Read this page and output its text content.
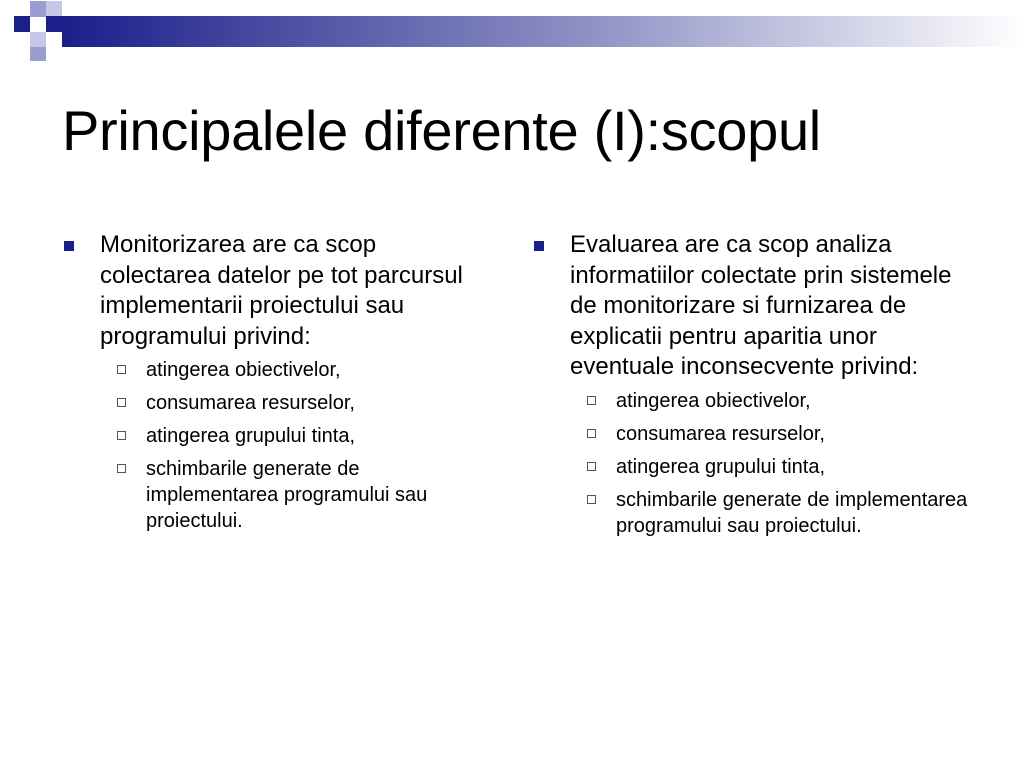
Principalele diferente (I):scopul
Monitorizarea are ca scop colectarea datelor pe tot parcursul implementarii proiectului sau programului privind:
atingerea obiectivelor,
consumarea resurselor,
atingerea grupului tinta,
schimbarile generate de implementarea programului sau proiectului.
Evaluarea are ca scop analiza informatiilor colectate prin sistemele de monitorizare si furnizarea de explicatii pentru aparitia unor eventuale inconsecvente privind:
atingerea obiectivelor,
consumarea resurselor,
atingerea grupului tinta,
schimbarile generate de implementarea programului sau proiectului.
